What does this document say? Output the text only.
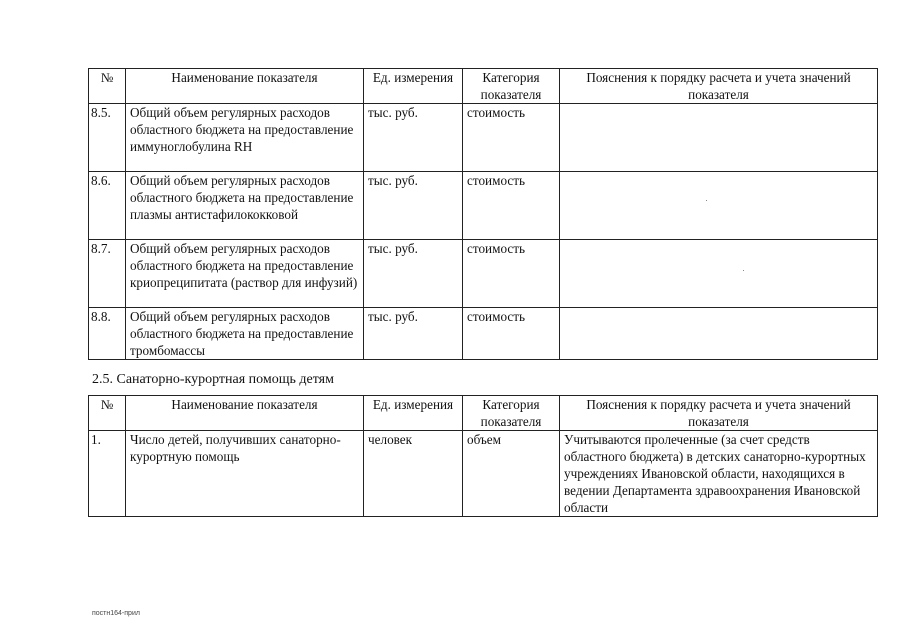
№	Наименование показателя	Ед. измерения	Категория показателя	Пояснения к порядку расчета и учета значений показателя
8.5.	Общий объем регулярных расходов областного бюджета на предоставление иммуноглобулина RH	тыс. руб.	стоимость	
8.6.	Общий объем регулярных расходов областного бюджета на предоставление плазмы антистафилококковой	тыс. руб.	стоимость	
8.7.	Общий объем регулярных расходов областного бюджета на предоставление криопреципитата (раствор для инфузий)	тыс. руб.	стоимость	
8.8.	Общий объем регулярных расходов областного бюджета на предоставление тромбомассы	тыс. руб.	стоимость	

2.5. Санаторно-курортная помощь детям

№	Наименование показателя	Ед. измерения	Категория показателя	Пояснения к порядку расчета и учета значений показателя
1.	Число детей, получивших санаторно-курортную помощь	человек	объем	Учитываются пролеченные (за счет средств областного бюджета) в детских санаторно-курортных учреждениях Ивановской области, находящихся в ведении Департамента здравоохранения Ивановской области
постн164-прил
